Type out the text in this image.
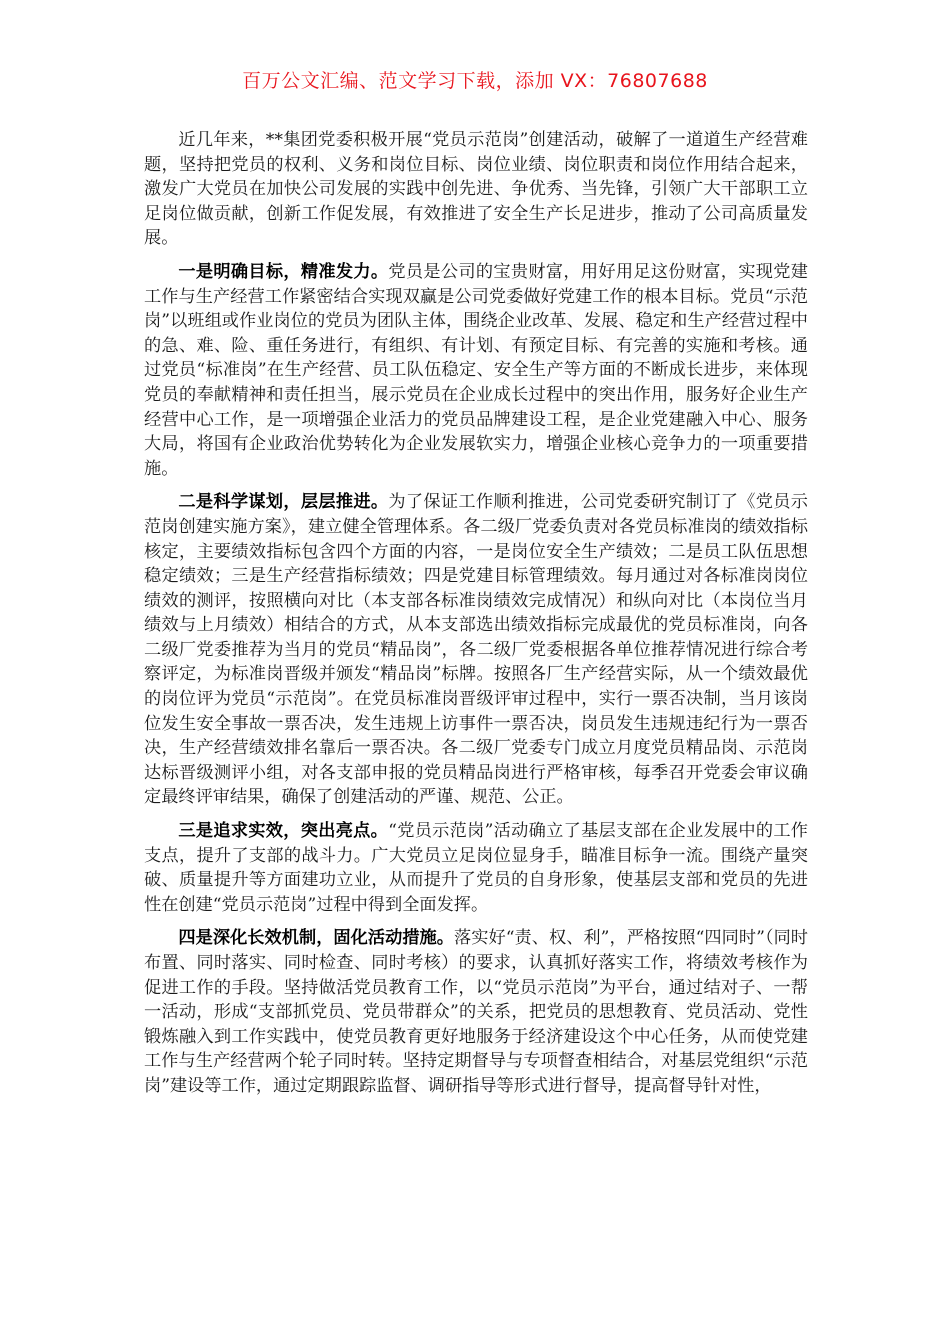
百万公文汇编、范文学习下载，添加 VX：76807688

近几年来，**集团党委积极开展“党员示范岗”创建活动，破解了一道道生产经营难题，坚持把党员的权利、义务和岗位目标、岗位业绩、岗位职责和岗位作用结合起来，激发广大党员在加快公司发展的实践中创先进、争优秀、当先锋，引领广大干部职工立足岗位做贡献，创新工作促发展，有效推进了安全生产长足进步，推动了公司高质量发展。

一是明确目标，精准发力。党员是公司的宝贵财富，用好用足这份财富，实现党建工作与生产经营工作紧密结合实现双赢是公司党委做好党建工作的根本目标。党员“示范岗”以班组或作业岗位的党员为团队主体，围绕企业改革、发展、稳定和生产经营过程中的急、难、险、重任务进行，有组织、有计划、有预定目标、有完善的实施和考核。通过党员“标准岗”在生产经营、员工队伍稳定、安全生产等方面的不断成长进步，来体现党员的奉献精神和责任担当，展示党员在企业成长过程中的突出作用，服务好企业生产经营中心工作，是一项增强企业活力的党员品牌建设工程，是企业党建融入中心、服务大局，将国有企业政治优势转化为企业发展软实力，增强企业核心竞争力的一项重要措施。

二是科学谋划，层层推进。为了保证工作顺利推进，公司党委研究制订了《党员示范岗创建实施方案》，建立健全管理体系。各二级厂党委负责对各党员标准岗的绩效指标核定，主要绩效指标包含四个方面的内容，一是岗位安全生产绩效；二是员工队伍思想稳定绩效；三是生产经营指标绩效；四是党建目标管理绩效。每月通过对各标准岗岗位绩效的测评，按照横向对比（本支部各标准岗绩效完成情况）和纵向对比（本岗位当月绩效与上月绩效）相结合的方式，从本支部选出绩效指标完成最优的党员标准岗，向各二级厂党委推荐为当月的党员“精品岗”，各二级厂党委根据各单位推荐情况进行综合考察评定，为标准岗晋级并颁发“精品岗”标牌。按照各厂生产经营实际，从一个绩效最优的岗位评为党员“示范岗”。在党员标准岗晋级评审过程中，实行一票否决制，当月该岗位发生安全事故一票否决，发生违规上访事件一票否决，岗员发生违规违纪行为一票否决，生产经营绩效排名靠后一票否决。各二级厂党委专门成立月度党员精品岗、示范岗达标晋级测评小组，对各支部申报的党员精品岗进行严格审核，每季召开党委会审议确定最终评审结果，确保了创建活动的严谨、规范、公正。

三是追求实效，突出亮点。“党员示范岗”活动确立了基层支部在企业发展中的工作支点，提升了支部的战斗力。广大党员立足岗位显身手，瞄准目标争一流。围绕产量突破、质量提升等方面建功立业，从而提升了党员的自身形象，使基层支部和党员的先进性在创建“党员示范岗”过程中得到全面发挥。

四是深化长效机制，固化活动措施。落实好“责、权、利”，严格按照“四同时”（同时布置、同时落实、同时检查、同时考核）的要求，认真抓好落实工作，将绩效考核作为促进工作的手段。坚持做活党员教育工作，以“党员示范岗”为平台，通过结对子、一帮一活动，形成“支部抓党员、党员带群众”的关系，把党员的思想教育、党员活动、党性锻炼融入到工作实践中，使党员教育更好地服务于经济建设这个中心任务，从而使党建工作与生产经营两个轮子同时转。坚持定期督导与专项督查相结合，对基层党组织“示范岗”建设等工作，通过定期跟踪监督、调研指导等形式进行督导，提高督导针对性，
